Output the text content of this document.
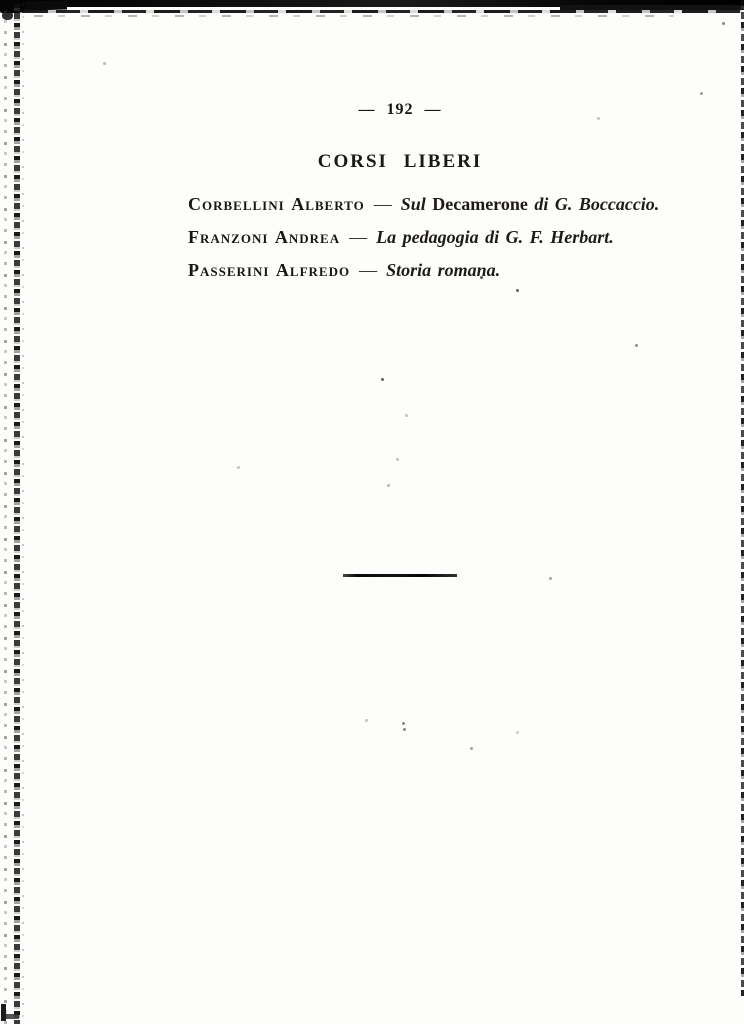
— 192 —
CORSI LIBERI
Corbellini Alberto — Sul Decamerone di G. Boccaccio.
Franzoni Andrea — La pedagogia di G. F. Herbart.
Passerini Alfredo — Storia romana.
